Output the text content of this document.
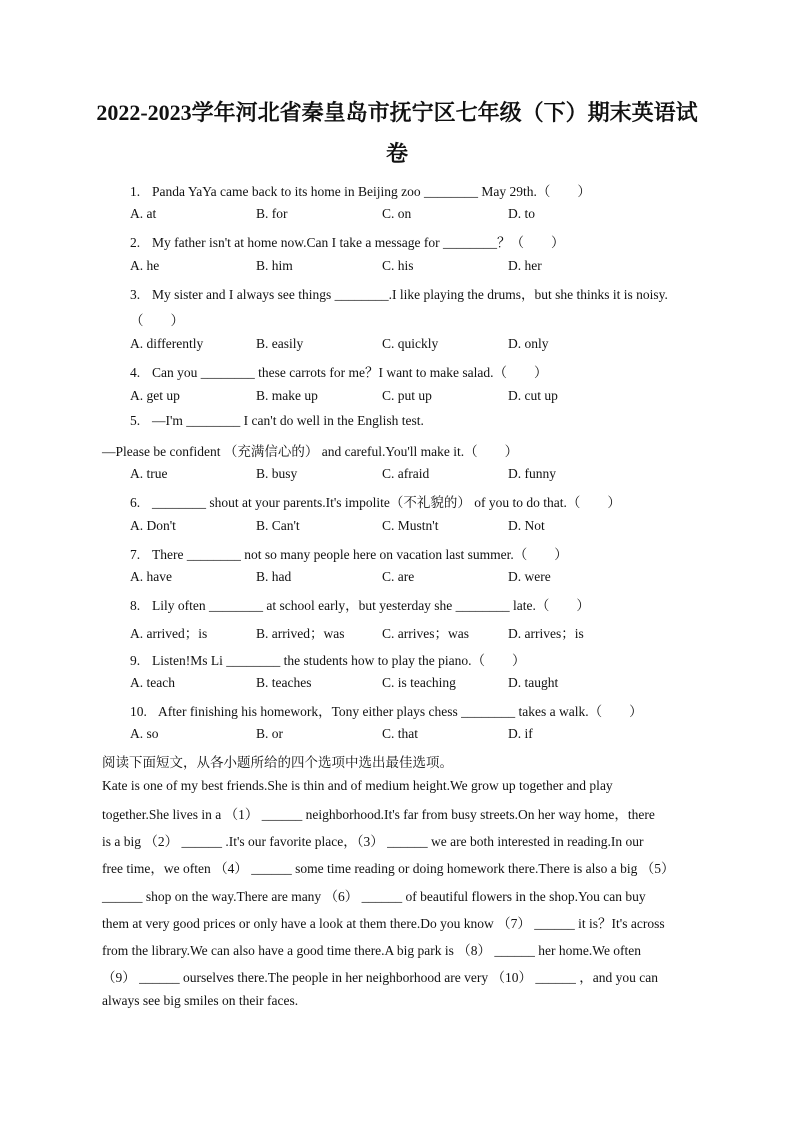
2022-2023学年河北省秦皇岛市抚宁区七年级（下）期末英语试
卷
1. Panda YaYa came back to its home in Beijing zoo ________ May 29th.（　　）
A. at	B. for	C. on	D. to
2. My father isn't at home now.Can I take a message for ________？（　　）
A. he	B. him	C. his	D. her
3. My sister and I always see things ________.I like playing the drums，but she thinks it is noisy.
（　　）
A. differently	B. easily	C. quickly	D. only
4. Can you ________ these carrots for me？I want to make salad.（　　）
A. get up	B. make up	C. put up	D. cut up
5. —I'm ________ I can't do well in the English test.
—Please be confident （充满信心的） and careful.You'll make it.（　　）
A. true	B. busy	C. afraid	D. funny
6. ________ shout at your parents.It's impolite（不礼貌的） of you to do that.（　　）
A. Don't	B. Can't	C. Mustn't	D. Not
7. There ________ not so many people here on vacation last summer.（　　）
A. have	B. had	C. are	D. were
8. Lily often ________ at school early，but yesterday she ________ late.（　　）
A. arrived；is	B. arrived；was	C. arrives；was	D. arrives；is
9. Listen!Ms Li ________ the students how to play the piano.（　　）
A. teach	B. teaches	C. is teaching	D. taught
10. After finishing his homework，Tony either plays chess ________ takes a walk.（　　）
A. so	B. or	C. that	D. if
阅读下面短文，从各小题所给的四个选项中选出最佳选项。
Kate is one of my best friends.She is thin and of medium height.We grow up together and play
together.She lives in a （1） ______ neighborhood.It's far from busy streets.On her way home，there
is a big （2） ______ .It's our favorite place，（3） ______ we are both interested in reading.In our
free time，we often （4） ______ some time reading or doing homework there.There is also a big （5）
______ shop on the way.There are many （6） ______ of beautiful flowers in the shop.You can buy
them at very good prices or only have a look at them there.Do you know （7） ______ it is？It's across
from the library.We can also have a good time there.A big park is （8） ______ her home.We often
（9） ______ ourselves there.The people in her neighborhood are very （10） ______ ，and you can
always see big smiles on their faces.
